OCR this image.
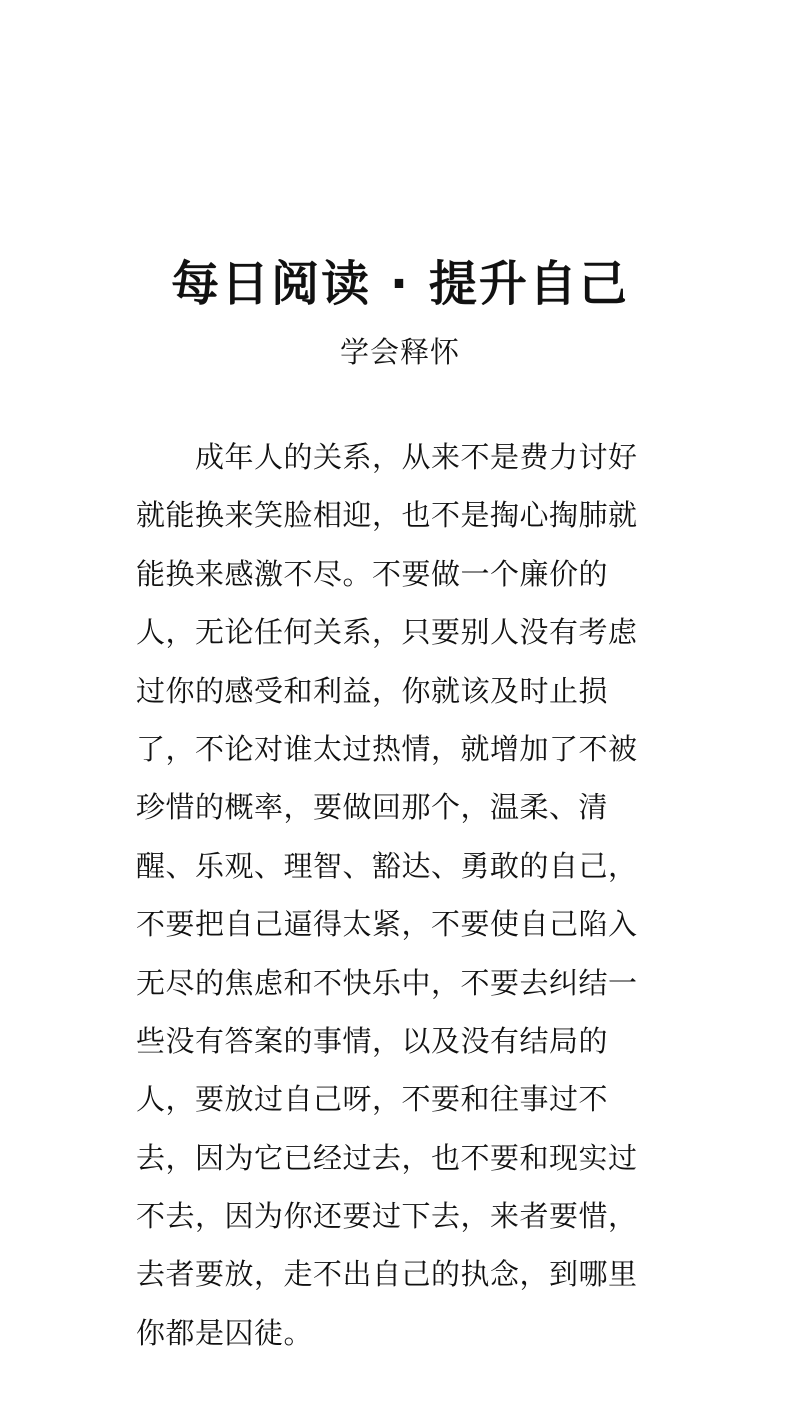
每日阅读 · 提升自己
学会释怀
　　成年人的关系，从来不是费力讨好
就能换来笑脸相迎，也不是掏心掏肺就
能换来感激不尽。不要做一个廉价的
人，无论任何关系，只要别人没有考虑
过你的感受和利益，你就该及时止损
了，不论对谁太过热情，就增加了不被
珍惜的概率，要做回那个，温柔、清
醒、乐观、理智、豁达、勇敢的自己，
不要把自己逼得太紧，不要使自己陷入
无尽的焦虑和不快乐中，不要去纠结一
些没有答案的事情，以及没有结局的
人，要放过自己呀，不要和往事过不
去，因为它已经过去，也不要和现实过
不去，因为你还要过下去，来者要惜，
去者要放，走不出自己的执念，到哪里
你都是囚徒。
